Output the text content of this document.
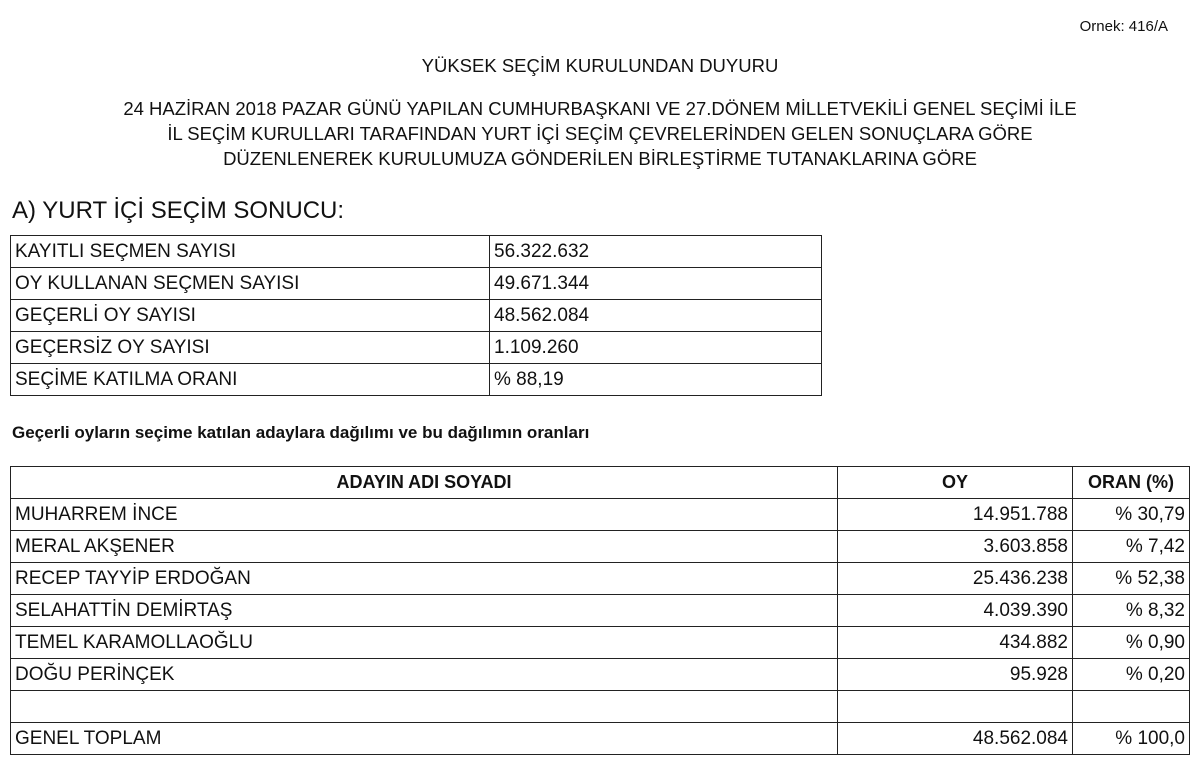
Ornek: 416/A
YÜKSEK SEÇİM KURULUNDAN DUYURU
24 HAZİRAN 2018 PAZAR GÜNÜ YAPILAN CUMHURBAŞKANI VE 27.DÖNEM MİLLETVEKİLİ GENEL SEÇİMİ İLE
İL SEÇİM KURULLARI TARAFINDAN YURT İÇİ SEÇİM ÇEVRELERİNDEN GELEN SONUÇLARA GÖRE
DÜZENLENEREK KURULUMUZA GÖNDERİLEN BİRLEŞTİRME TUTANAKLARINA GÖRE
A) YURT İÇİ SEÇİM SONUCU:
KAYITLI SEÇMEN SAYISI	56.322.632
OY KULLANAN SEÇMEN SAYISI	49.671.344
GEÇERLİ OY SAYISI	48.562.084
GEÇERSİZ OY SAYISI	1.109.260
SEÇİME KATILMA ORANI	% 88,19
Geçerli oyların seçime katılan adaylara dağılımı ve bu dağılımın oranları
ADAYIN ADI SOYADI	OY	ORAN (%)
MUHARREM İNCE	14.951.788	% 30,79
MERAL AKŞENER	3.603.858	% 7,42
RECEP TAYYİP ERDOĞAN	25.436.238	% 52,38
SELAHATTİN DEMİRTAŞ	4.039.390	% 8,32
TEMEL KARAMOLLAOĞLU	434.882	% 0,90
DOĞU PERİNÇEK	95.928	% 0,20

GENEL TOPLAM	48.562.084	% 100,0
